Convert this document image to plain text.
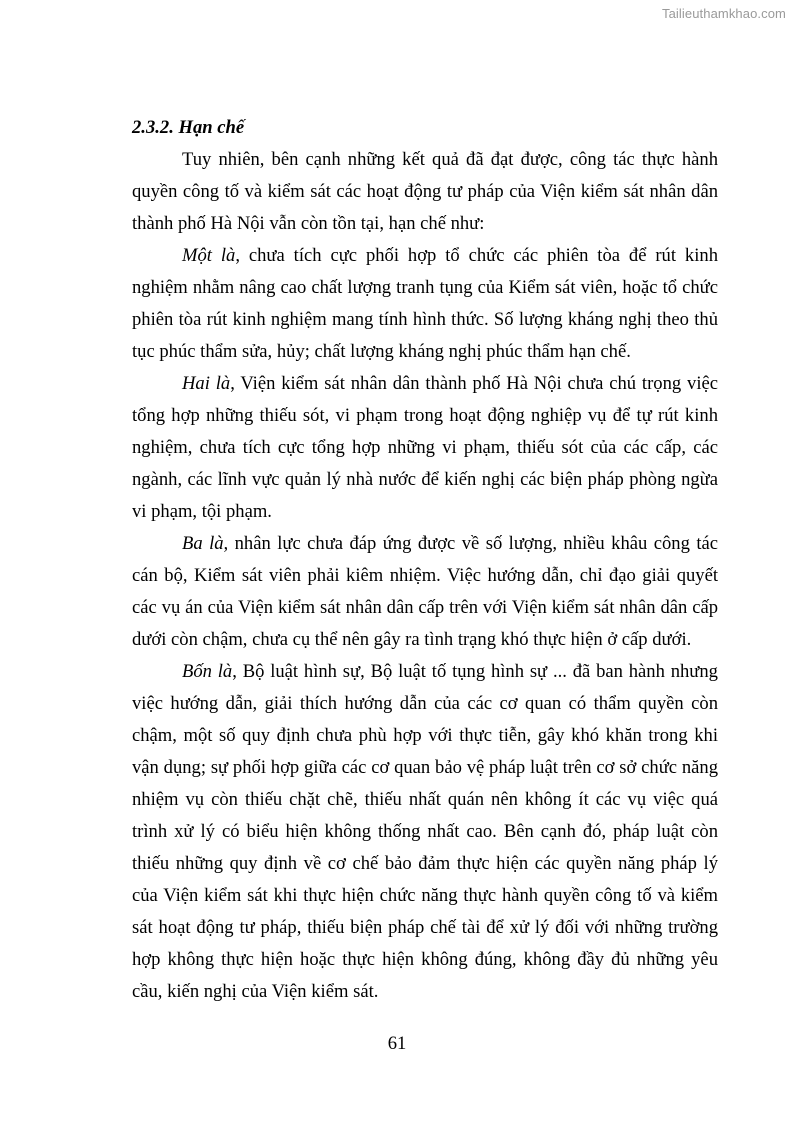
Tailieuthamkhao.com

2.3.2. Hạn chế

Tuy nhiên, bên cạnh những kết quả đã đạt được, công tác thực hành quyền công tố và kiểm sát các hoạt động tư pháp của Viện kiểm sát nhân dân thành phố Hà Nội vẫn còn tồn tại, hạn chế như:

Một là, chưa tích cực phối hợp tổ chức các phiên tòa để rút kinh nghiệm nhằm nâng cao chất lượng tranh tụng của Kiểm sát viên, hoặc tổ chức phiên tòa rút kinh nghiệm mang tính hình thức. Số lượng kháng nghị theo thủ tục phúc thẩm sửa, hủy; chất lượng kháng nghị phúc thẩm hạn chế.

Hai là, Viện kiểm sát nhân dân thành phố Hà Nội chưa chú trọng việc tổng hợp những thiếu sót, vi phạm trong hoạt động nghiệp vụ để tự rút kinh nghiệm, chưa tích cực tổng hợp những vi phạm, thiếu sót của các cấp, các ngành, các lĩnh vực quản lý nhà nước để kiến nghị các biện pháp phòng ngừa vi phạm, tội phạm.

Ba là, nhân lực chưa đáp ứng được về số lượng, nhiều khâu công tác cán bộ, Kiểm sát viên phải kiêm nhiệm. Việc hướng dẫn, chỉ đạo giải quyết các vụ án của Viện kiểm sát nhân dân cấp trên với Viện kiểm sát nhân dân cấp dưới còn chậm, chưa cụ thể nên gây ra tình trạng khó thực hiện ở cấp dưới.

Bốn là, Bộ luật hình sự, Bộ luật tố tụng hình sự ... đã ban hành nhưng việc hướng dẫn, giải thích hướng dẫn của các cơ quan có thẩm quyền còn chậm, một số quy định chưa phù hợp với thực tiễn, gây khó khăn trong khi vận dụng; sự phối hợp giữa các cơ quan bảo vệ pháp luật trên cơ sở chức năng nhiệm vụ còn thiếu chặt chẽ, thiếu nhất quán nên không ít các vụ việc quá trình xử lý có biểu hiện không thống nhất cao. Bên cạnh đó, pháp luật còn thiếu những quy định về cơ chế bảo đảm thực hiện các quyền năng pháp lý của Viện kiểm sát khi thực hiện chức năng thực hành quyền công tố và kiểm sát hoạt động tư pháp, thiếu biện pháp chế tài để xử lý đối với những trường hợp không thực hiện hoặc thực hiện không đúng, không đầy đủ những yêu cầu, kiến nghị của Viện kiểm sát.

61
